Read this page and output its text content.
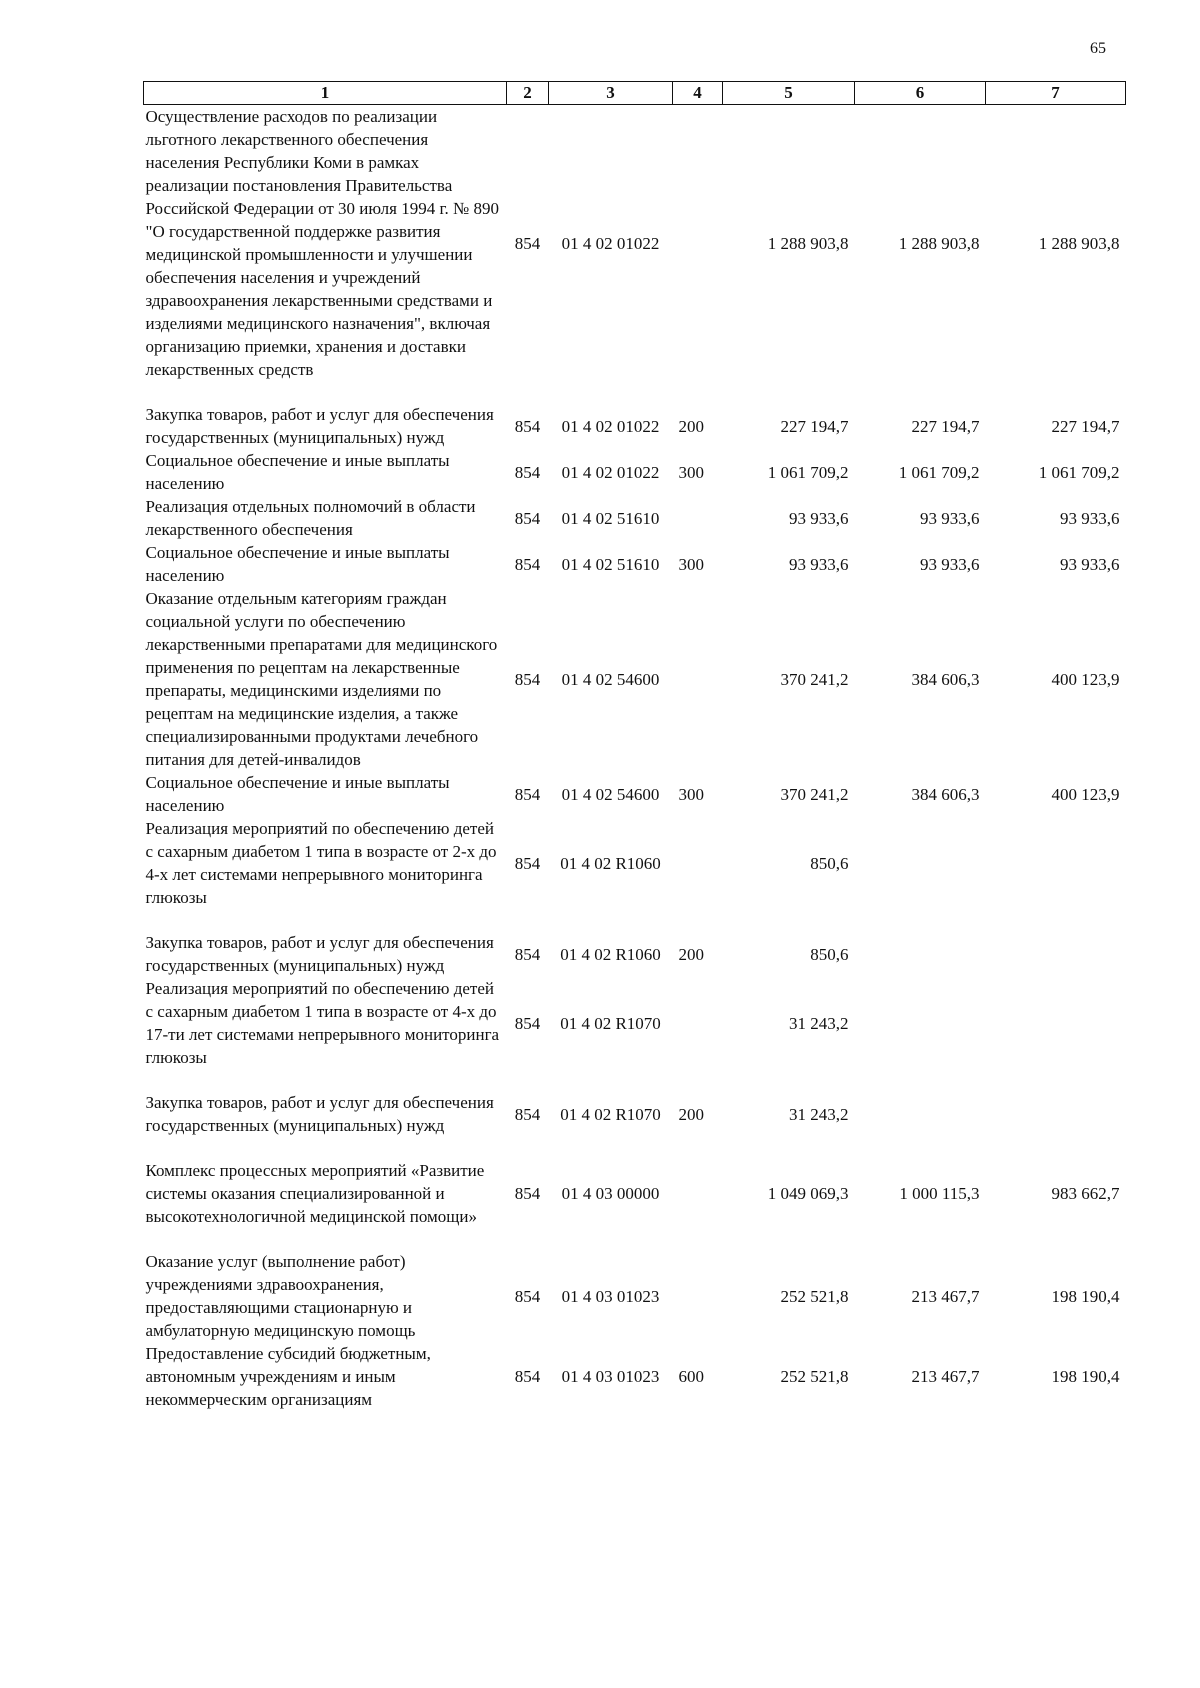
65
1	2	3	4	5	6	7
Осуществление расходов по реализации льготного лекарственного обеспечения населения Республики Коми в рамках реализации постановления Правительства Российской Федерации от 30 июля 1994 г. № 890 "О государственной поддержке развития медицинской промышленности и улучшении обеспечения населения и учреждений здравоохранения лекарственными средствами и изделиями медицинского назначения", включая организацию приемки, хранения и доставки лекарственных средств	854	01 4 02 01022		1 288 903,8	1 288 903,8	1 288 903,8

Закупка товаров, работ и услуг для обеспечения государственных (муниципальных) нужд	854	01 4 02 01022	200	227 194,7	227 194,7	227 194,7
Социальное обеспечение и иные выплаты населению	854	01 4 02 01022	300	1 061 709,2	1 061 709,2	1 061 709,2
Реализация отдельных полномочий в области лекарственного обеспечения	854	01 4 02 51610		93 933,6	93 933,6	93 933,6
Социальное обеспечение и иные выплаты населению	854	01 4 02 51610	300	93 933,6	93 933,6	93 933,6
Оказание отдельным категориям граждан социальной услуги по обеспечению лекарственными препаратами для медицинского применения по рецептам на лекарственные препараты, медицинскими изделиями по рецептам на медицинские изделия, а также специализированными продуктами лечебного питания для детей-инвалидов	854	01 4 02 54600		370 241,2	384 606,3	400 123,9
Социальное обеспечение и иные выплаты населению	854	01 4 02 54600	300	370 241,2	384 606,3	400 123,9
Реализация мероприятий по обеспечению детей с сахарным диабетом 1 типа в возрасте от 2-х до 4-х лет системами непрерывного мониторинга глюкозы	854	01 4 02 R1060		850,6		

Закупка товаров, работ и услуг для обеспечения государственных (муниципальных) нужд	854	01 4 02 R1060	200	850,6		
Реализация мероприятий по обеспечению детей с сахарным диабетом 1 типа в возрасте от 4-х до 17-ти лет системами непрерывного мониторинга глюкозы	854	01 4 02 R1070		31 243,2		

Закупка товаров, работ и услуг для обеспечения государственных (муниципальных) нужд	854	01 4 02 R1070	200	31 243,2		

Комплекс процессных мероприятий «Развитие системы оказания специализированной и высокотехнологичной медицинской помощи»	854	01 4 03 00000		1 049 069,3	1 000 115,3	983 662,7

Оказание услуг (выполнение работ) учреждениями здравоохранения, предоставляющими стационарную и амбулаторную медицинскую помощь	854	01 4 03 01023		252 521,8	213 467,7	198 190,4
Предоставление субсидий бюджетным, автономным учреждениям и иным некоммерческим организациям	854	01 4 03 01023	600	252 521,8	213 467,7	198 190,4
